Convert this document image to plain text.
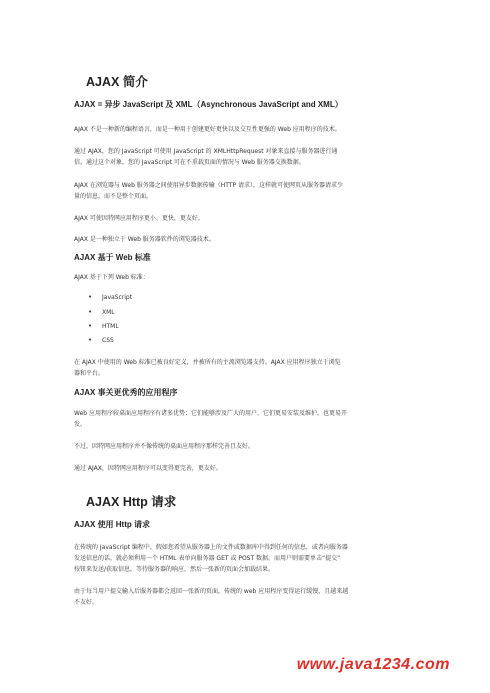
AJAX 简介
AJAX = 异步 JavaScript 及 XML（Asynchronous JavaScript and XML）
AJAX 不是一种新的编程语言，而是一种用于创建更好更快以及交互性更强的 Web 应用程序的技术。
通过 AJAX，您的 JavaScript 可使用 JavaScript 的 XMLHttpRequest 对象来直接与服务器进行通
信。通过这个对象，您的 JavaScript 可在不重载页面的情况与 Web 服务器交换数据。
AJAX 在浏览器与 Web 服务器之间使用异步数据传输（HTTP 请求），这样就可使网页从服务器请求少
量的信息，而不是整个页面。
AJAX 可使因特网应用程序更小、更快，更友好。
AJAX 是一种独立于 Web 服务器软件的浏览器技术。
AJAX 基于 Web 标准
AJAX 基于下列 Web 标准：
• JavaScript
• XML
• HTML
• CSS
在 AJAX 中使用的 Web 标准已被良好定义，并被所有的主流浏览器支持。AJAX 应用程序独立于浏览
器和平台。
AJAX 事关更优秀的应用程序
Web 应用程序较桌面应用程序有诸多优势；它们能够涉及广大的用户，它们更易安装及维护，也更易开
发。
不过，因特网应用程序并不像传统的桌面应用程序那样完善且友好。
通过 AJAX，因特网应用程序可以变得更完善，更友好。
AJAX Http 请求
AJAX 使用 Http 请求
在传统的 JavaScript 编程中，假如您希望从服务器上的文件或数据库中得到任何的信息，或者向服务器
发送信息的话，就必须利用一个 HTML 表单向服务器 GET 或 POST 数据。而用户则需要单击“提交”
按钮来发送/获取信息，等待服务器的响应，然后一张新的页面会加载结果。
由于每当用户提交输入后服务器都会返回一张新的页面，传统的 web 应用程序变得运行缓慢，且越来越
不友好。
www.java1234.com
